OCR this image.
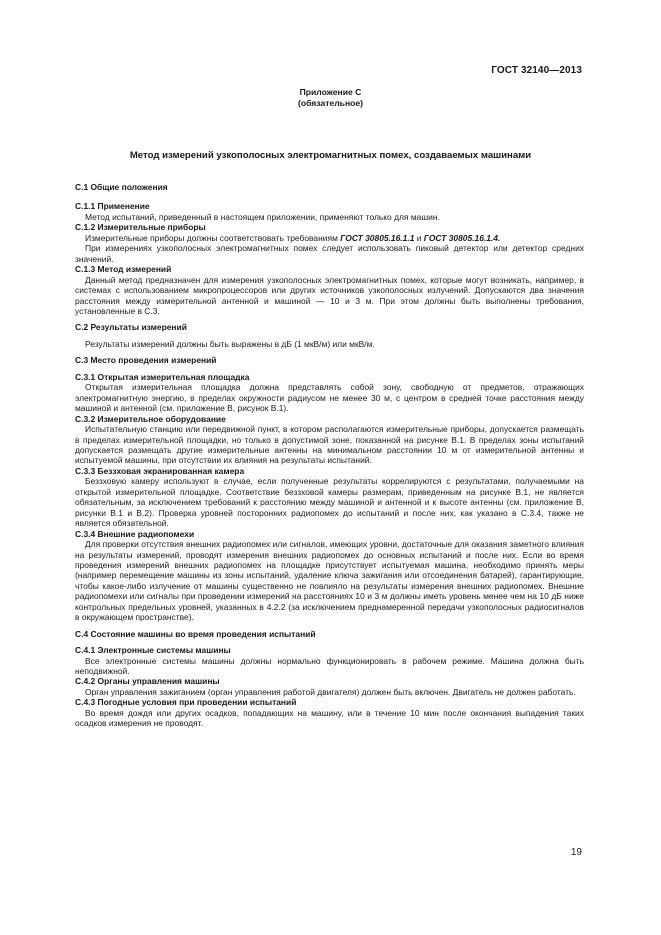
ГОСТ 32140—2013
Приложение С
(обязательное)
Метод измерений узкополосных электромагнитных помех, создаваемых машинами

С.1 Общие положения

С.1.1 Применение

Метод испытаний, приведенный в настоящем приложении, применяют только для машин.

С.1.2 Измерительные приборы

Измерительные приборы должны соответствовать требованиям ГОСТ 30805.16.1.1 и ГОСТ 30805.16.1.4.

При измерениях узкополосных электромагнитных помех следует использовать пиковый детектор или детектор средних значений.

С.1.3 Метод измерений

Данный метод предназначен для измерения узкополосных электромагнитных помех, которые могут возникать, например, в системах с использованием микропроцессоров или других источников узкополосных излучений. Допускаются два значения расстояния между измерительной антенной и машиной — 10 и 3 м. При этом должны быть выполнены требования, установленные в С.3.

С.2 Результаты измерений

Результаты измерений должны быть выражены в дБ (1 мкВ/м) или мкВ/м.

С.3 Место проведения измерений

С.3.1 Открытая измерительная площадка

Открытая измерительная площадка должна представлять собой зону, свободную от предметов, отражающих электромагнитную энергию, в пределах окружности радиусом не менее 30 м, с центром в средней точке расстояния между машиной и антенной (см. приложение В, рисунок В.1).

С.3.2 Измерительное оборудование

Испытательную станцию или передвижной пункт, в котором располагаются измерительные приборы, допускается размещать в пределах измерительной площадки, но только в допустимой зоне, показанной на рисунке В.1. В пределах зоны испытаний допускается размещать другие измерительные антенны на минимальном расстоянии 10 м от измерительной антенны и испытуемой машины, при отсутствии их влияния на результаты испытаний.

С.3.3 Беззховая экранированная камера

Беззховую камеру используют в случае, если полученные результаты коррелируются с результатами, получаемыми на открытой измерительной площадке. Соответствие беззховой камеры размерам, приведенным на рисунке В.1, не является обязательным, за исключением требований к расстоянию между машиной и антенной и к высоте антенны (см. приложение В, рисунки В.1 и В.2). Проверка уровней посторонних радиопомех до испытаний и после них, как указано в С.3.4, также не является обязательной.

С.3.4 Внешние радиопомехи

Для проверки отсутствия внешних радиопомех или сигналов, имеющих уровни, достаточные для оказания заметного влияния на результаты измерений, проводят измерения внешних радиопомех до основных испытаний и после них. Если во время проведения измерений внешних радиопомех на площадке присутствует испытуемая машина, необходимо принять меры (например перемещение машины из зоны испытаний, удаление ключа зажигания или отсоединения батарей), гарантирующие, чтобы какое-либо излучение от машины существенно не повлияло на результаты измерения внешних радиопомех. Внешние радиопомехи или сигналы при проведении измерений на расстояниях 10 и 3 м должны иметь уровень менее чем на 10 дБ ниже контрольных предельных уровней, указанных в 4.2.2 (за исключением преднамеренной передачи узкополосных радиосигналов в окружающем пространстве).

С.4 Состояние машины во время проведения испытаний

С.4.1 Электронные системы машины

Все электронные системы машины должны нормально функционировать в рабочем режиме. Машина должна быть неподвижной.

С.4.2 Органы управления машины

Орган управления зажиганием (орган управления работой двигателя) должен быть включен. Двигатель не должен работать.

С.4.3 Погодные условия при проведении испытаний

Во время дождя или других осадков, попадающих на машину, или в течение 10 мин после окончания выпадения таких осадков измерения не проводят.

19
